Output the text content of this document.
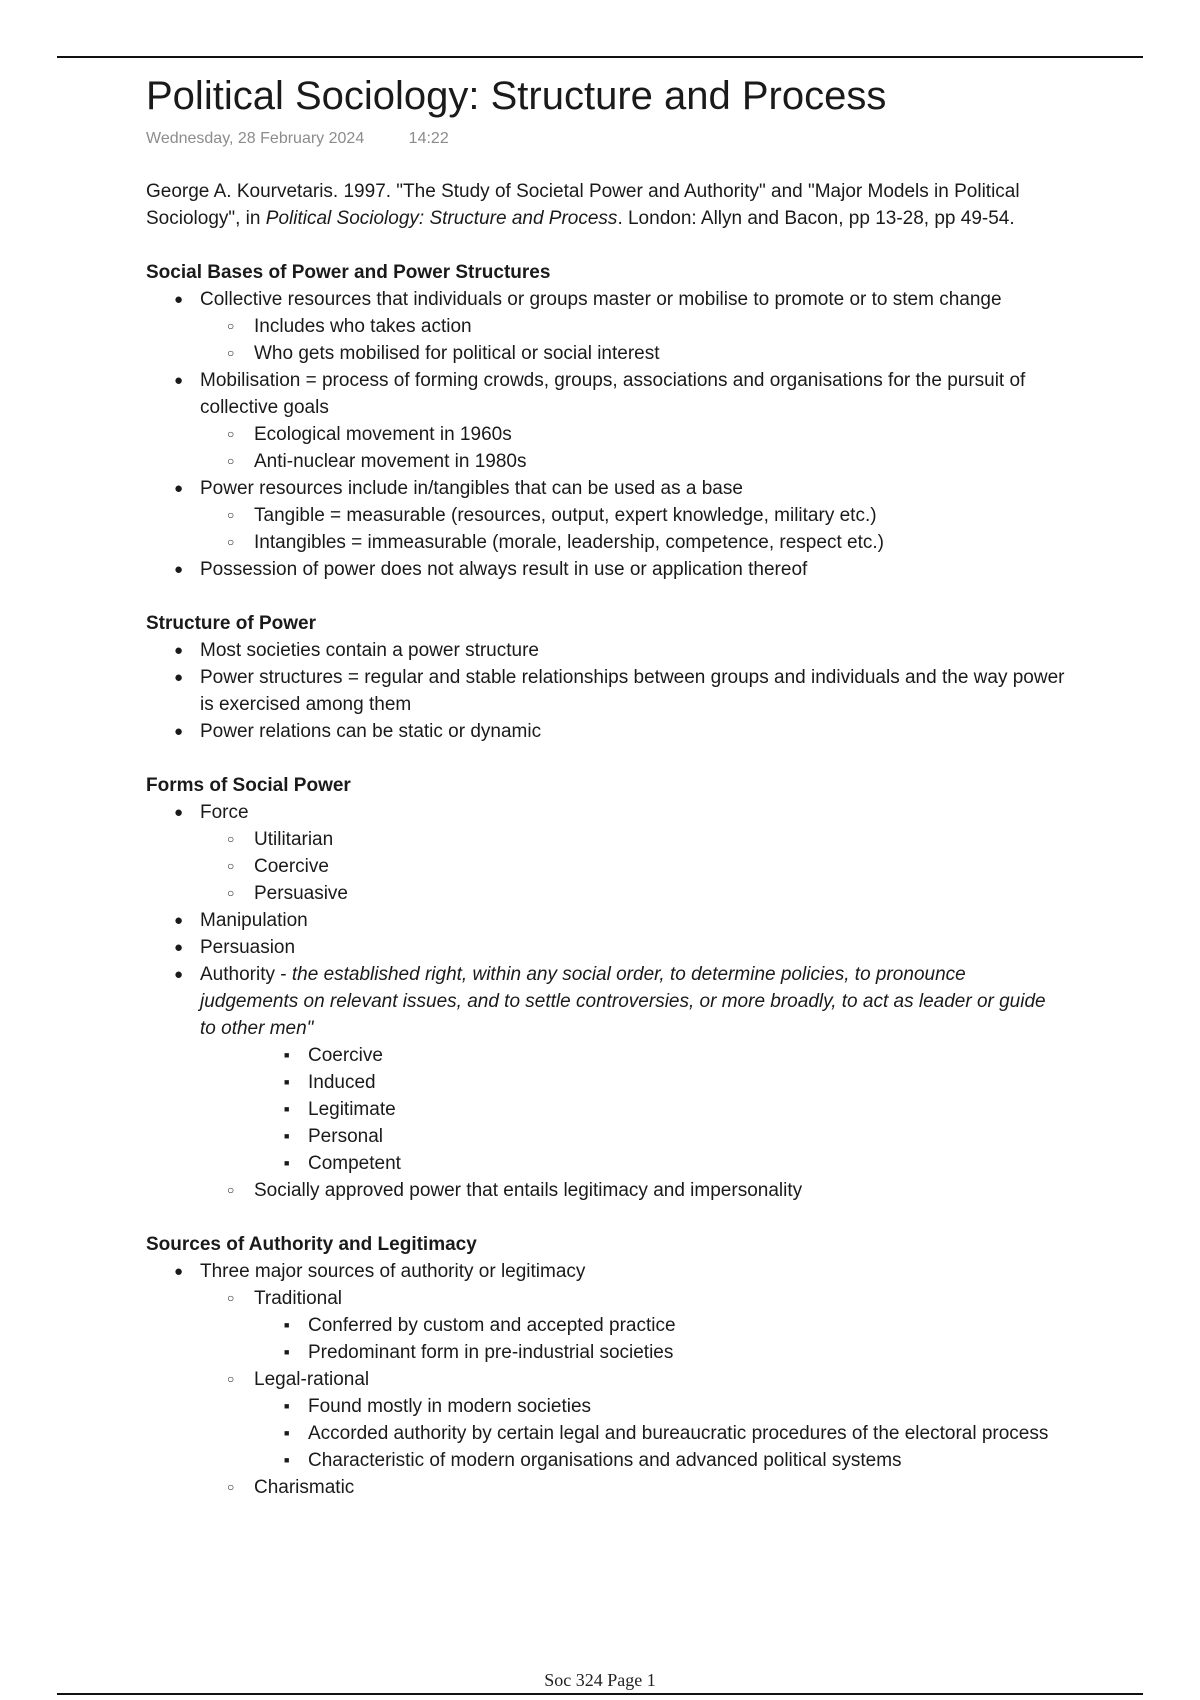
Political Sociology: Structure and Process
Wednesday, 28 February 2024	14:22

George A. Kourvetaris. 1997. "The Study of Societal Power and Authority" and "Major Models in Political Sociology", in Political Sociology: Structure and Process. London: Allyn and Bacon, pp 13-28, pp 49-54.

Social Bases of Power and Power Structures
● Collective resources that individuals or groups master or mobilise to promote or to stem change
○ Includes who takes action
○ Who gets mobilised for political or social interest
● Mobilisation = process of forming crowds, groups, associations and organisations for the pursuit of collective goals
○ Ecological movement in 1960s
○ Anti-nuclear movement in 1980s
● Power resources include in/tangibles that can be used as a base
○ Tangible = measurable (resources, output, expert knowledge, military etc.)
○ Intangibles = immeasurable (morale, leadership, competence, respect etc.)
● Possession of power does not always result in use or application thereof
Structure of Power
● Most societies contain a power structure
● Power structures = regular and stable relationships between groups and individuals and the way power is exercised among them
● Power relations can be static or dynamic
Forms of Social Power
● Force
○ Utilitarian
○ Coercive
○ Persuasive
● Manipulation
● Persuasion
● Authority - the established right, within any social order, to determine policies, to pronounce judgements on relevant issues, and to settle controversies, or more broadly, to act as leader or guide to other men"
■ Coercive
■ Induced
■ Legitimate
■ Personal
■ Competent
○ Socially approved power that entails legitimacy and impersonality
Sources of Authority and Legitimacy
● Three major sources of authority or legitimacy
○ Traditional
■ Conferred by custom and accepted practice
■ Predominant form in pre-industrial societies
○ Legal-rational
■ Found mostly in modern societies
■ Accorded authority by certain legal and bureaucratic procedures of the electoral process
■ Characteristic of modern organisations and advanced political systems
○ Charismatic
Soc 324 Page 1
